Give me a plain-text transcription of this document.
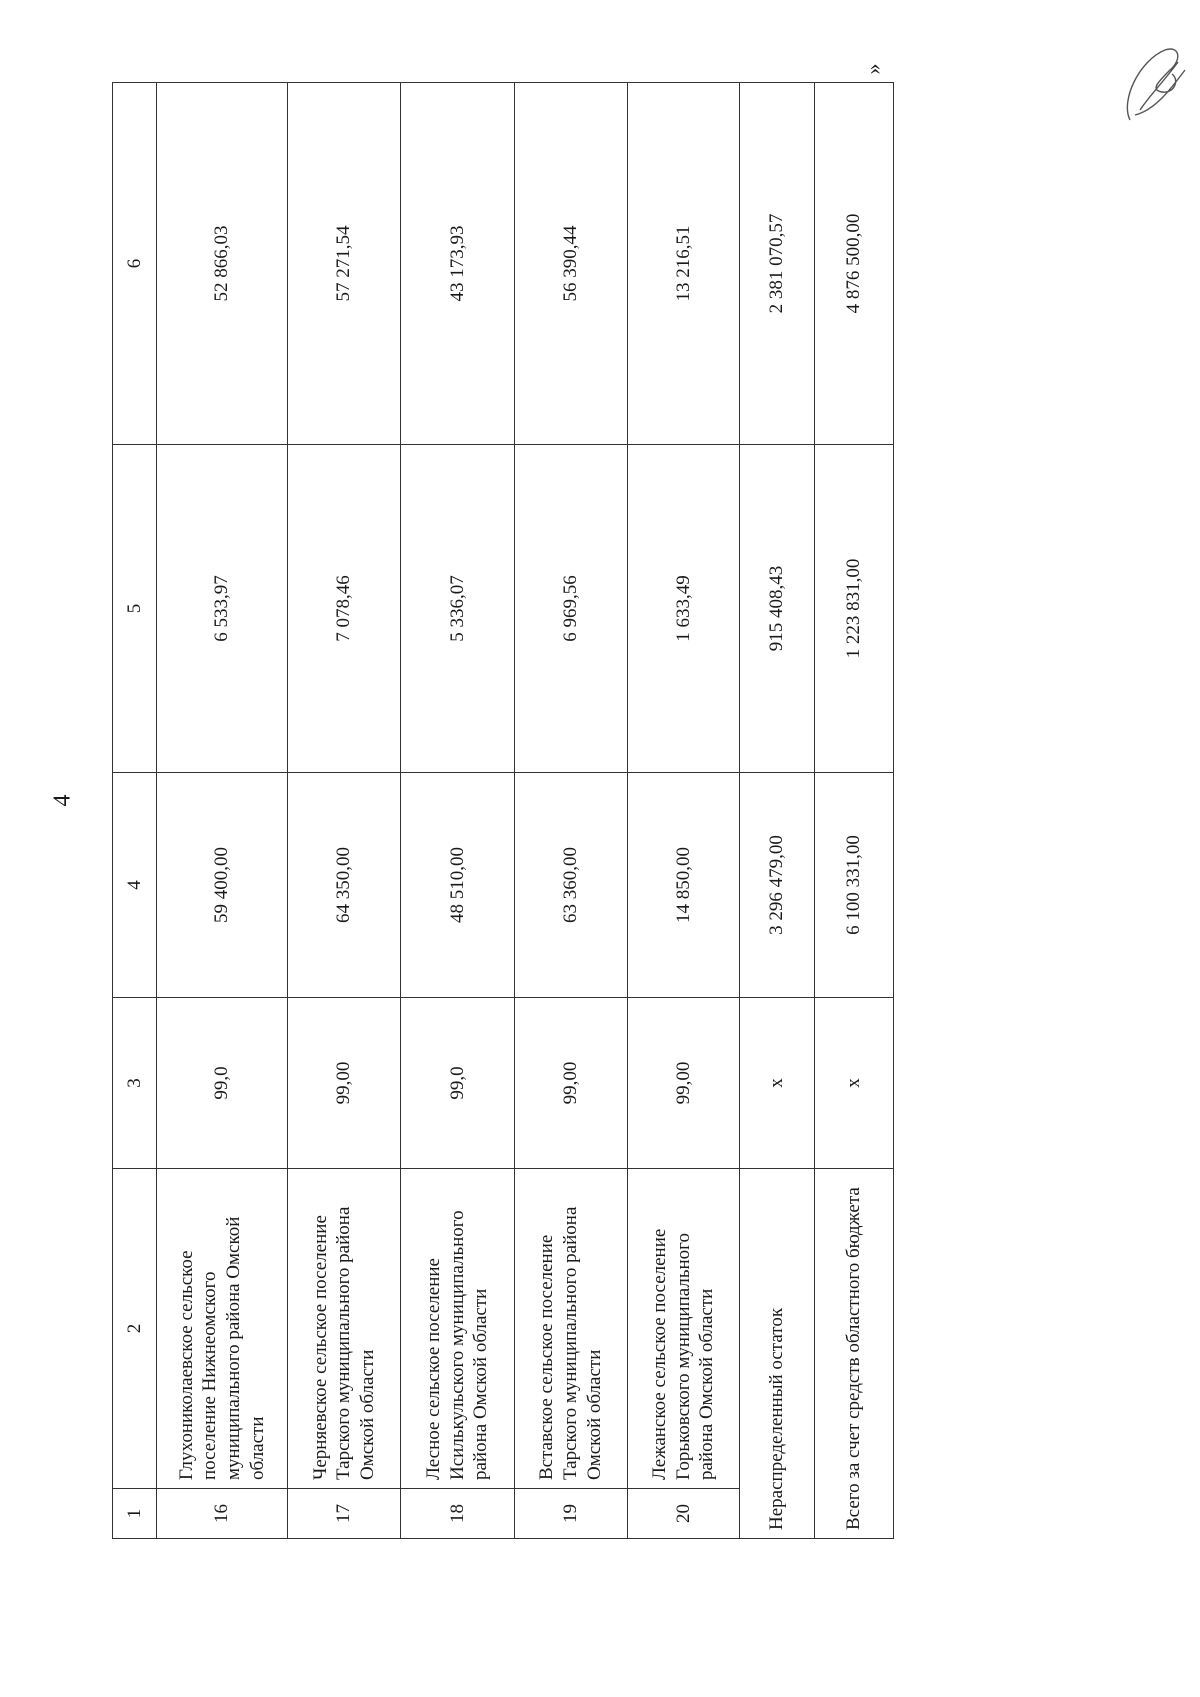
4
»
1	2	3	4	5	6
16	Глухониколаевское сельское поселение Нижнеомского муниципального района Омской области	99,0	59 400,00	6 533,97	52 866,03
17	Черняевское сельское поселение Тарского муниципального района Омской области	99,00	64 350,00	7 078,46	57 271,54
18	Лесное сельское поселение Исилькульского муниципального района Омской области	99,0	48 510,00	5 336,07	43 173,93
19	Вставское сельское поселение Тарского муниципального района Омской области	99,00	63 360,00	6 969,56	56 390,44
20	Лежанское сельское поселение Горьковского муниципального района Омской области	99,00	14 850,00	1 633,49	13 216,51
Нераспределенный остаток		x	3 296 479,00	915 408,43	2 381 070,57
Всего за счет средств областного бюджета		x	6 100 331,00	1 223 831,00	4 876 500,00
